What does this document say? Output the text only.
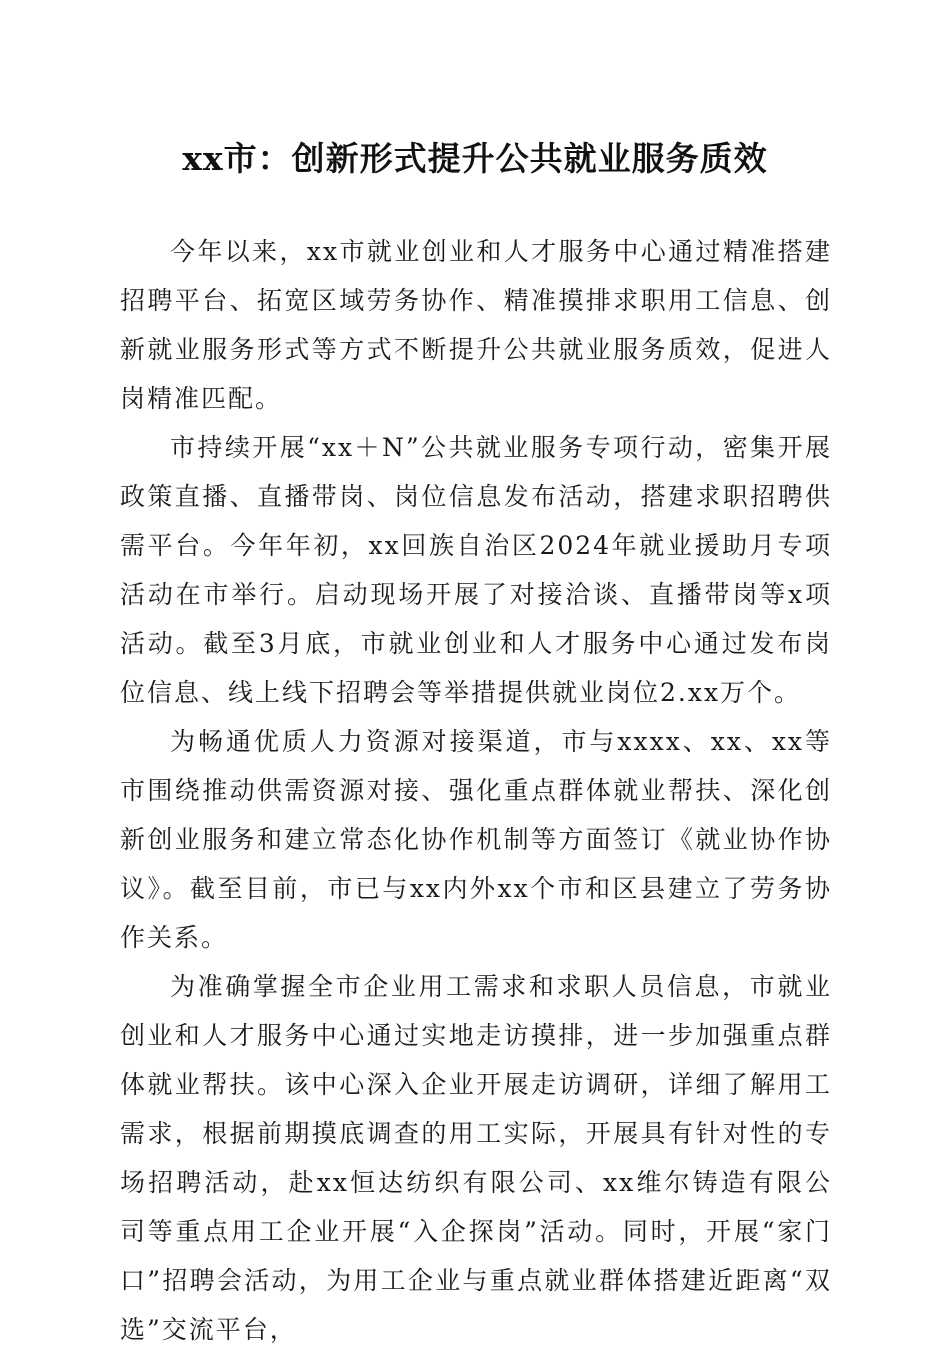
xx市：创新形式提升公共就业服务质效

今年以来，xx市就业创业和人才服务中心通过精准搭建招聘平台、拓宽区域劳务协作、精准摸排求职用工信息、创新就业服务形式等方式不断提升公共就业服务质效，促进人岗精准匹配。

市持续开展“xx＋N”公共就业服务专项行动，密集开展政策直播、直播带岗、岗位信息发布活动，搭建求职招聘供需平台。今年年初，xx回族自治区2024年就业援助月专项活动在市举行。启动现场开展了对接洽谈、直播带岗等x项活动。截至3月底，市就业创业和人才服务中心通过发布岗位信息、线上线下招聘会等举措提供就业岗位2.xx万个。

为畅通优质人力资源对接渠道，市与xxxx、xx、xx等市围绕推动供需资源对接、强化重点群体就业帮扶、深化创新创业服务和建立常态化协作机制等方面签订《就业协作协议》。截至目前，市已与xx内外xx个市和区县建立了劳务协作关系。

为准确掌握全市企业用工需求和求职人员信息，市就业创业和人才服务中心通过实地走访摸排，进一步加强重点群体就业帮扶。该中心深入企业开展走访调研，详细了解用工需求，根据前期摸底调查的用工实际，开展具有针对性的专场招聘活动，赴xx恒达纺织有限公司、xx维尔铸造有限公司等重点用工企业开展“入企探岗”活动。同时，开展“家门口”招聘会活动，为用工企业与重点就业群体搭建近距离“双选”交流平台，
